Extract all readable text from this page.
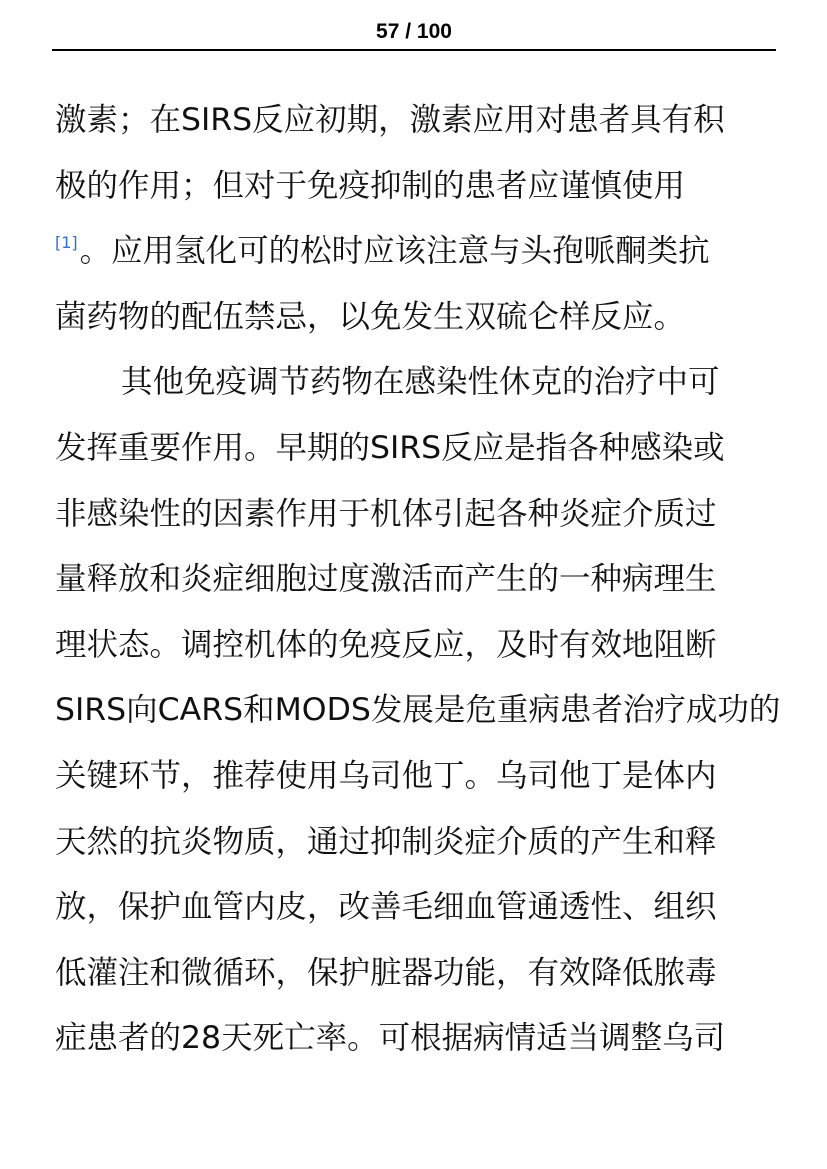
57 / 100
激素；在SIRS反应初期，激素应用对患者具有积
极的作用；但对于免疫抑制的患者应谨慎使用
[1]。应用氢化可的松时应该注意与头孢哌酮类抗
菌药物的配伍禁忌，以免发生双硫仑样反应。
其他免疫调节药物在感染性休克的治疗中可
发挥重要作用。早期的SIRS反应是指各种感染或
非感染性的因素作用于机体引起各种炎症介质过
量释放和炎症细胞过度激活而产生的一种病理生
理状态。调控机体的免疫反应，及时有效地阻断
SIRS向CARS和MODS发展是危重病患者治疗成功的
关键环节，推荐使用乌司他丁。乌司他丁是体内
天然的抗炎物质，通过抑制炎症介质的产生和释
放，保护血管内皮，改善毛细血管通透性、组织
低灌注和微循环，保护脏器功能，有效降低脓毒
症患者的28天死亡率。可根据病情适当调整乌司
